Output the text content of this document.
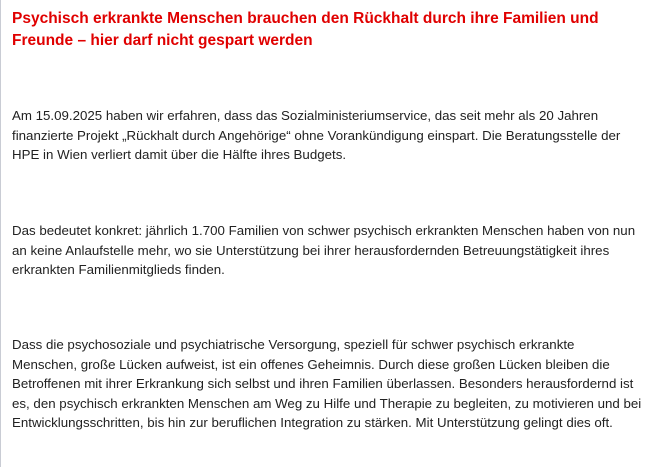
Psychisch erkrankte Menschen brauchen den Rückhalt durch ihre Familien und Freunde – hier darf nicht gespart werden

Am 15.09.2025 haben wir erfahren, dass das Sozialministeriumservice, das seit mehr als 20 Jahren finanzierte Projekt „Rückhalt durch Angehörige“ ohne Vorankündigung einspart. Die Beratungsstelle der HPE in Wien verliert damit über die Hälfte ihres Budgets.

Das bedeutet konkret: jährlich 1.700 Familien von schwer psychisch erkrankten Menschen haben von nun an keine Anlaufstelle mehr, wo sie Unterstützung bei ihrer herausfordernden Betreuungstätigkeit ihres erkrankten Familienmitglieds finden.

Dass die psychosoziale und psychiatrische Versorgung, speziell für schwer psychisch erkrankte Menschen, große Lücken aufweist, ist ein offenes Geheimnis. Durch diese großen Lücken bleiben die Betroffenen mit ihrer Erkrankung sich selbst und ihren Familien überlassen. Besonders herausfordernd ist es, den psychisch erkrankten Menschen am Weg zu Hilfe und Therapie zu begleiten, zu motivieren und bei Entwicklungsschritten, bis hin zur beruflichen Integration zu stärken. Mit Unterstützung gelingt dies oft.
